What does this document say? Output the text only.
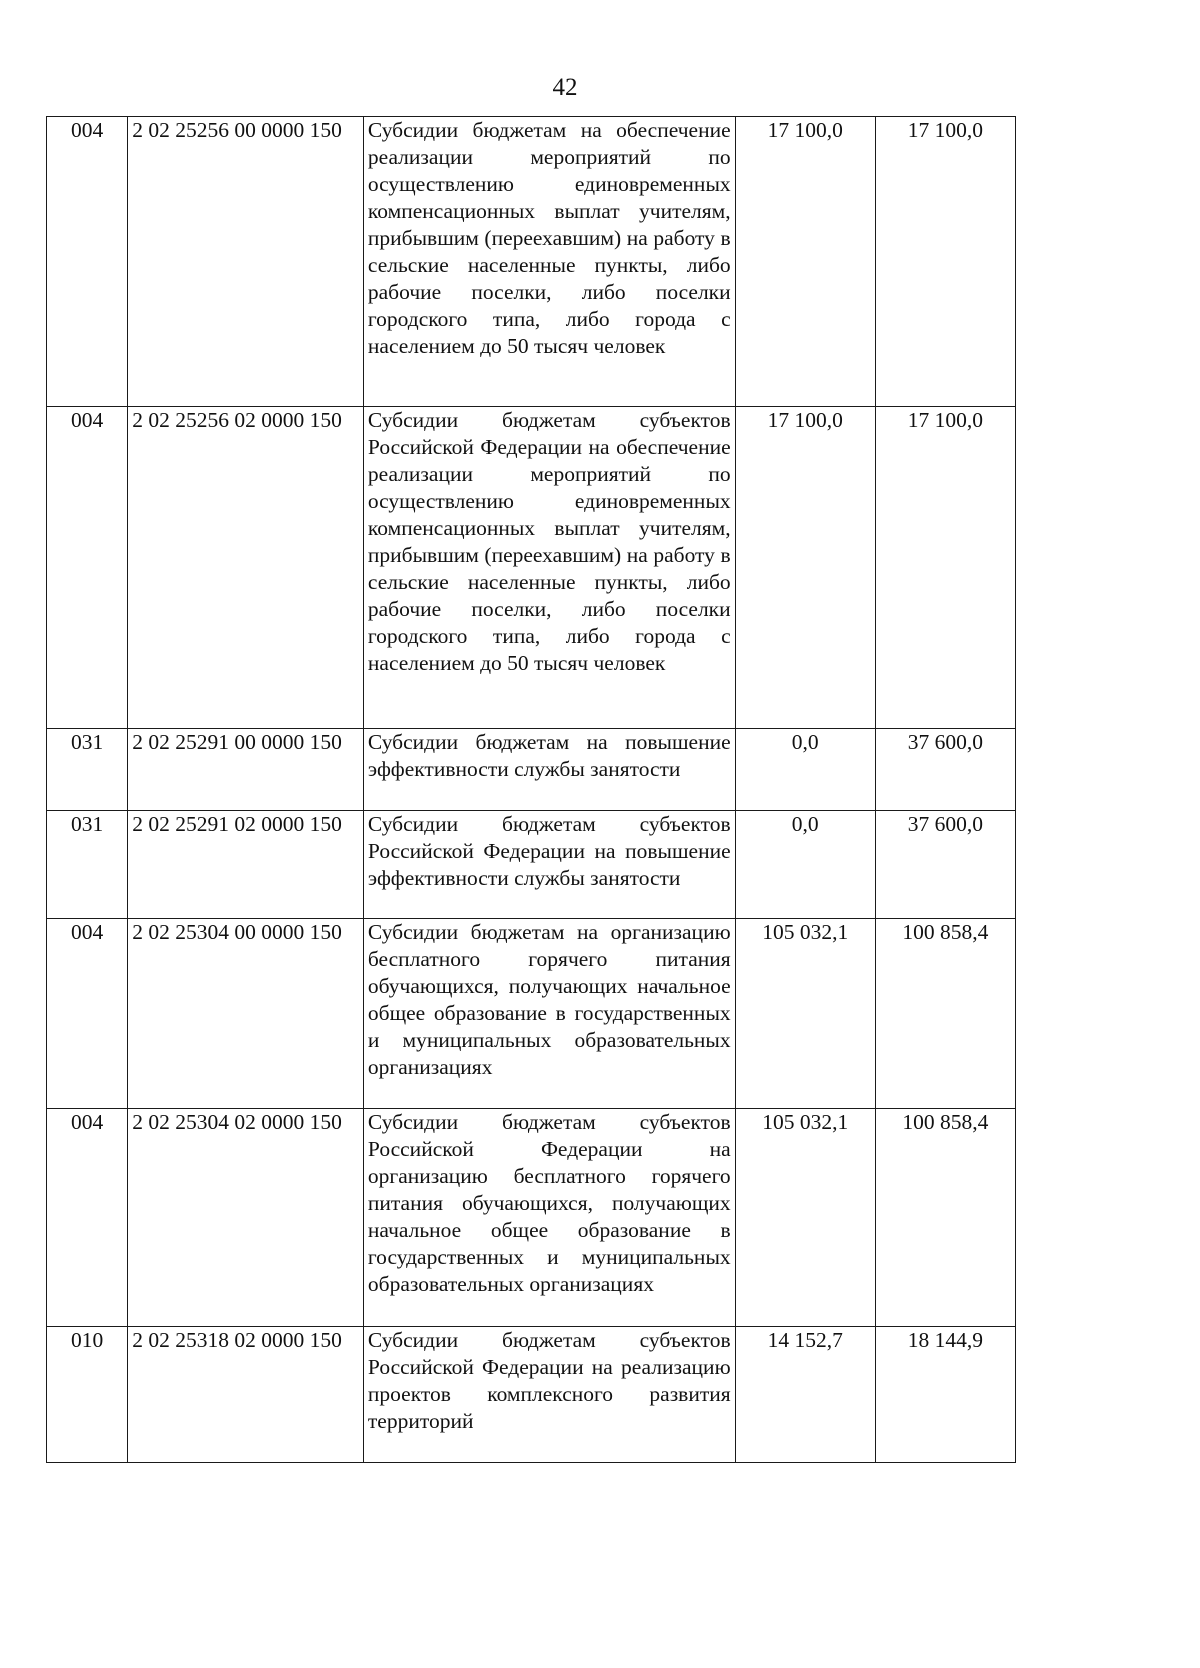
42
004	2 02 25256 00 0000 150	Субсидии бюджетам на обеспечение реализации мероприятий по осуществлению единовременных компенсационных выплат учителям, прибывшим (переехавшим) на работу в сельские населенные пункты, либо рабочие поселки, либо поселки городского типа, либо города с населением до 50 тысяч человек	17 100,0	17 100,0
004	2 02 25256 02 0000 150	Субсидии бюджетам субъектов Российской Федерации на обеспечение реализации мероприятий по осуществлению единовременных компенсационных выплат учителям, прибывшим (переехавшим) на работу в сельские населенные пункты, либо рабочие поселки, либо поселки городского типа, либо города с населением до 50 тысяч человек	17 100,0	17 100,0
031	2 02 25291 00 0000 150	Субсидии бюджетам на повышение эффективности службы занятости	0,0	37 600,0
031	2 02 25291 02 0000 150	Субсидии бюджетам субъектов Российской Федерации на повышение эффективности службы занятости	0,0	37 600,0
004	2 02 25304 00 0000 150	Субсидии бюджетам на организацию бесплатного горячего питания обучающихся, получающих начальное общее образование в государственных и муниципальных образовательных организациях	105 032,1	100 858,4
004	2 02 25304 02 0000 150	Субсидии бюджетам субъектов Российской Федерации на организацию бесплатного горячего питания обучающихся, получающих начальное общее образование в государственных и муниципальных образовательных организациях	105 032,1	100 858,4
010	2 02 25318 02 0000 150	Субсидии бюджетам субъектов Российской Федерации на реализацию проектов комплексного развития территорий	14 152,7	18 144,9
